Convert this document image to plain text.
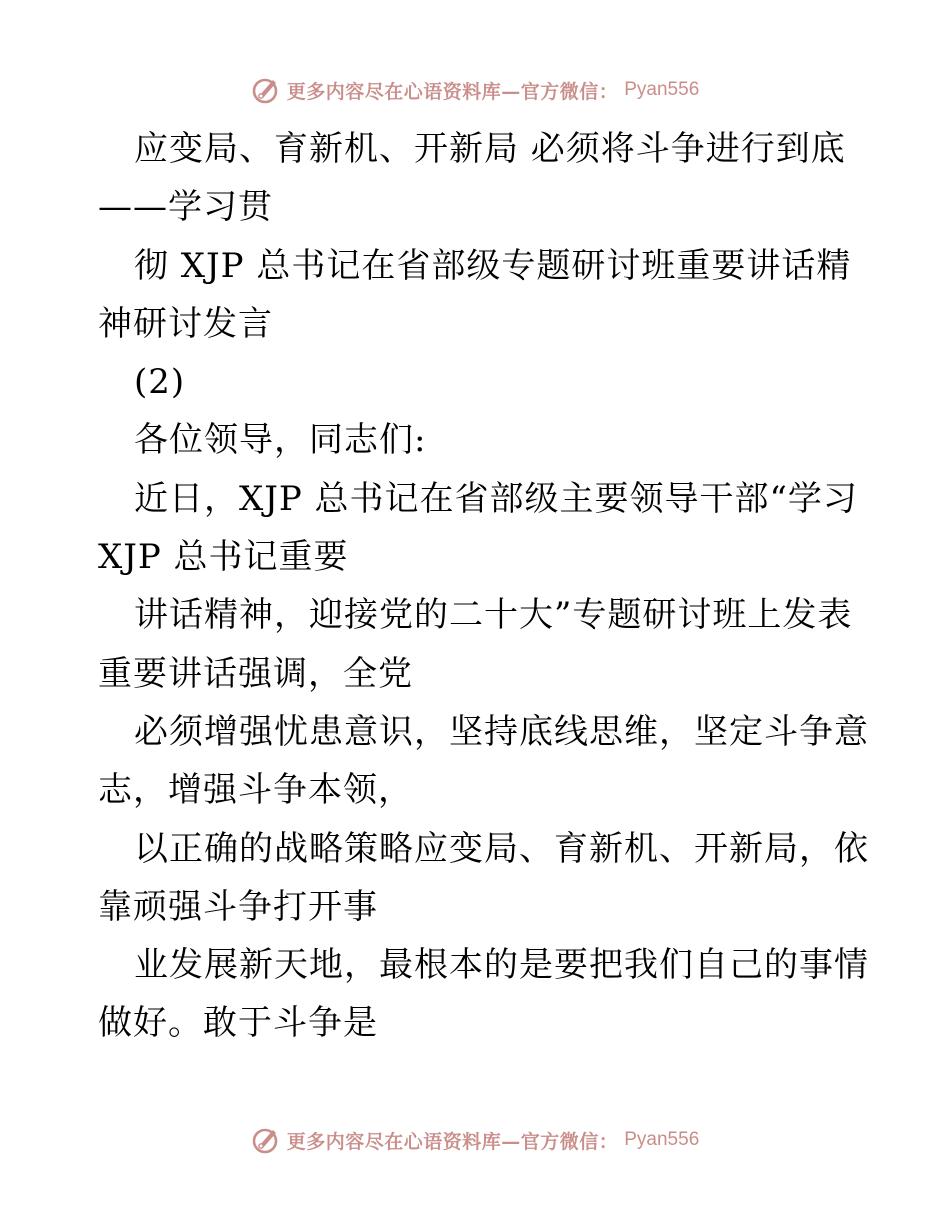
更多内容尽在心语资料库—官方微信： Pyan556
应变局、育新机、开新局 必须将斗争进行到底
——学习贯
彻 XJP 总书记在省部级专题研讨班重要讲话精
神研讨发言
(2)
各位领导，同志们:
近日，XJP 总书记在省部级主要领导干部“学习
XJP 总书记重要
讲话精神，迎接党的二十大”专题研讨班上发表
重要讲话强调，全党
必须增强忧患意识，坚持底线思维，坚定斗争意
志，增强斗争本领，
以正确的战略策略应变局、育新机、开新局，依
靠顽强斗争打开事
业发展新天地，最根本的是要把我们自己的事情
做好。敢于斗争是
更多内容尽在心语资料库—官方微信： Pyan556
